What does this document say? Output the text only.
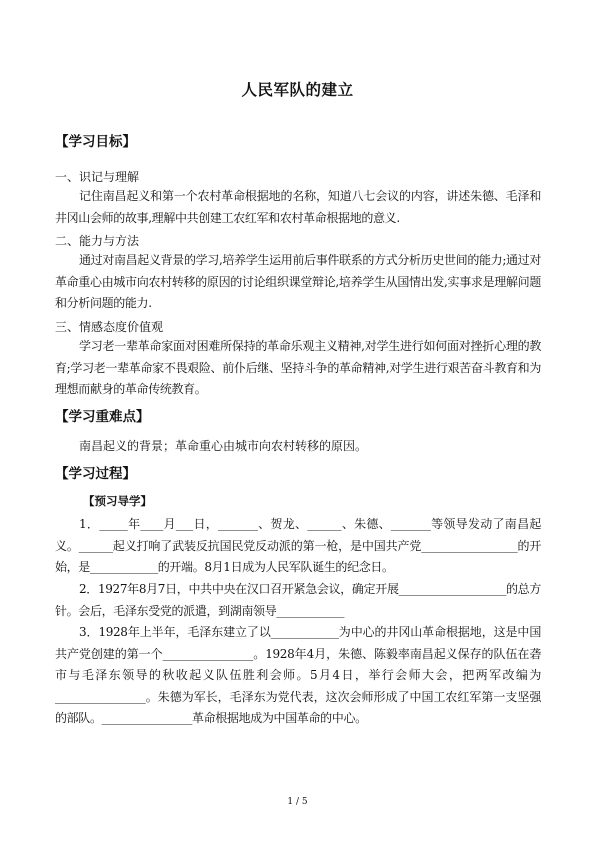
人民军队的建立
【学习目标】
一、识记与理解
记住南昌起义和第一个农村革命根据地的名称，知道八七会议的内容，讲述朱德、毛泽和井冈山会师的故事,理解中共创建工农红军和农村革命根据地的意义.
二、能力与方法
通过对南昌起义背景的学习,培养学生运用前后事件联系的方式分析历史世间的能力;通过对革命重心由城市向农村转移的原因的讨论组织课堂辩论,培养学生从国情出发,实事求是理解问题和分析问题的能力.
三、情感态度价值观
学习老一辈革命家面对困难所保持的革命乐观主义精神,对学生进行如何面对挫折心理的教育;学习老一辈革命家不畏艰险、前仆后继、坚持斗争的革命精神,对学生进行艰苦奋斗教育和为理想而献身的革命传统教育。
【学习重难点】
南昌起义的背景；革命重心由城市向农村转移的原因。
【学习过程】
【预习导学】
1．_____年____月___日，_______、贺龙、______、朱德、_______等领导发动了南昌起义。______起义打响了武装反抗国民党反动派的第一枪，是中国共产党_________________的开始，是____________的开端。8月1日成为人民军队诞生的纪念日。
2．1927年8月7日，中共中央在汉口召开紧急会议，确定开展___________________的总方针。会后，毛泽东受党的派遣，到湖南领导____________
3．1928年上半年，毛泽东建立了以____________为中心的井冈山革命根据地，这是中国共产党创建的第一个________________。1928年4月，朱德、陈毅率南昌起义保存的队伍在砻市与毛泽东领导的秋收起义队伍胜利会师。5月4日，举行会师大会，把两军改编为________________。朱德为军长，毛泽东为党代表，这次会师形成了中国工农红军第一支坚强的部队。________________革命根据地成为中国革命的中心。
1 / 5
